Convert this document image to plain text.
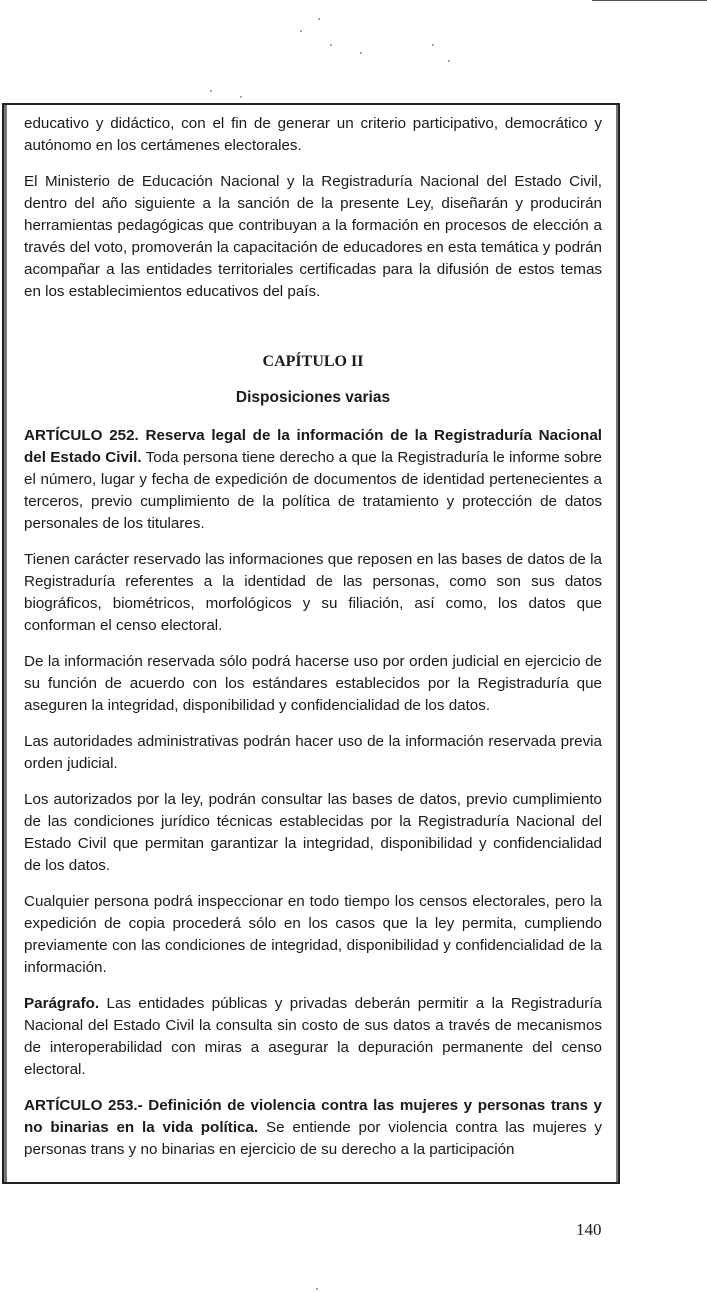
educativo y didáctico, con el fin de generar un criterio participativo, democrático y autónomo en los certámenes electorales.

El Ministerio de Educación Nacional y la Registraduría Nacional del Estado Civil, dentro del año siguiente a la sanción de la presente Ley, diseñarán y producirán herramientas pedagógicas que contribuyan a la formación en procesos de elección a través del voto, promoverán la capacitación de educadores en esta temática y podrán acompañar a las entidades territoriales certificadas para la difusión de estos temas en los establecimientos educativos del país.

CAPÍTULO II
Disposiciones varias

ARTÍCULO 252. Reserva legal de la información de la Registraduría Nacional del Estado Civil. Toda persona tiene derecho a que la Registraduría le informe sobre el número, lugar y fecha de expedición de documentos de identidad pertenecientes a terceros, previo cumplimiento de la política de tratamiento y protección de datos personales de los titulares.

Tienen carácter reservado las informaciones que reposen en las bases de datos de la Registraduría referentes a la identidad de las personas, como son sus datos biográficos, biométricos, morfológicos y su filiación, así como, los datos que conforman el censo electoral.

De la información reservada sólo podrá hacerse uso por orden judicial en ejercicio de su función de acuerdo con los estándares establecidos por la Registraduría que aseguren la integridad, disponibilidad y confidencialidad de los datos.

Las autoridades administrativas podrán hacer uso de la información reservada previa orden judicial.

Los autorizados por la ley, podrán consultar las bases de datos, previo cumplimiento de las condiciones jurídico técnicas establecidas por la Registraduría Nacional del Estado Civil que permitan garantizar la integridad, disponibilidad y confidencialidad de los datos.

Cualquier persona podrá inspeccionar en todo tiempo los censos electorales, pero la expedición de copia procederá sólo en los casos que la ley permita, cumpliendo previamente con las condiciones de integridad, disponibilidad y confidencialidad de la información.

Parágrafo. Las entidades públicas y privadas deberán permitir a la Registraduría Nacional del Estado Civil la consulta sin costo de sus datos a través de mecanismos de interoperabilidad con miras a asegurar la depuración permanente del censo electoral.

ARTÍCULO 253.- Definición de violencia contra las mujeres y personas trans y no binarias en la vida política. Se entiende por violencia contra las mujeres y personas trans y no binarias en ejercicio de su derecho a la participación

140
